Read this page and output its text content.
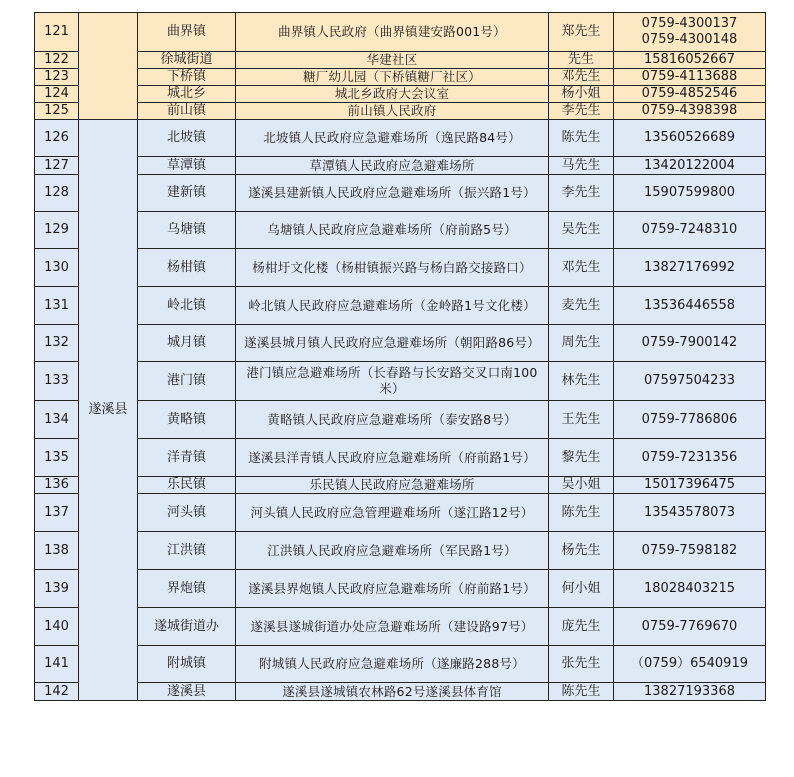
121		曲界镇	曲界镇人民政府（曲界镇建安路001号）	郑先生	0759-4300137
0759-4300148

122		徐城街道	华建社区	先生	15816052667

123		下桥镇	糖厂幼儿园（下桥镇糖厂社区）	邓先生	0759-4113688

124		城北乡	城北乡政府大会议室	杨小姐	0759-4852546

125		前山镇	前山镇人民政府	李先生	0759-4398398

126	遂溪县	北坡镇	北坡镇人民政府应急避难场所（逸民路84号）	陈先生	13560526689

127		草潭镇	草潭镇人民政府应急避难场所	马先生	13420122004

128		建新镇	遂溪县建新镇人民政府应急避难场所（振兴路1号）	李先生	15907599800

129		乌塘镇	乌塘镇人民政府应急避难场所（府前路5号）	吴先生	0759-7248310

130		杨柑镇	杨柑圩文化楼（杨柑镇振兴路与杨白路交接路口）	邓先生	13827176992

131		岭北镇	岭北镇人民政府应急避难场所（金岭路1号文化楼）	麦先生	13536446558

132		城月镇	遂溪县城月镇人民政府应急避难场所（朝阳路86号）	周先生	0759-7900142

133		港门镇	港门镇应急避难场所（长春路与长安路交叉口南100米）	林先生	07597504233

134		黄略镇	黄略镇人民政府应急避难场所（泰安路8号）	王先生	0759-7786806

135		洋青镇	遂溪县洋青镇人民政府应急避难场所（府前路1号）	黎先生	0759-7231356

136		乐民镇	乐民镇人民政府应急避难场所	吴小姐	15017396475

137		河头镇	河头镇人民政府应急管理避难场所（遂江路12号）	陈先生	13543578073

138		江洪镇	江洪镇人民政府应急避难场所（军民路1号）	杨先生	0759-7598182

139		界炮镇	遂溪县界炮镇人民政府应急避难场所（府前路1号）	何小姐	18028403215

140		遂城街道办	遂溪县遂城街道办处应急避难场所（建设路97号）	庞先生	0759-7769670

141		附城镇	附城镇人民政府应急避难场所（遂廉路288号）	张先生	（0759）6540919

142		遂溪县	遂溪县遂城镇农林路62号遂溪县体育馆	陈先生	13827193368
